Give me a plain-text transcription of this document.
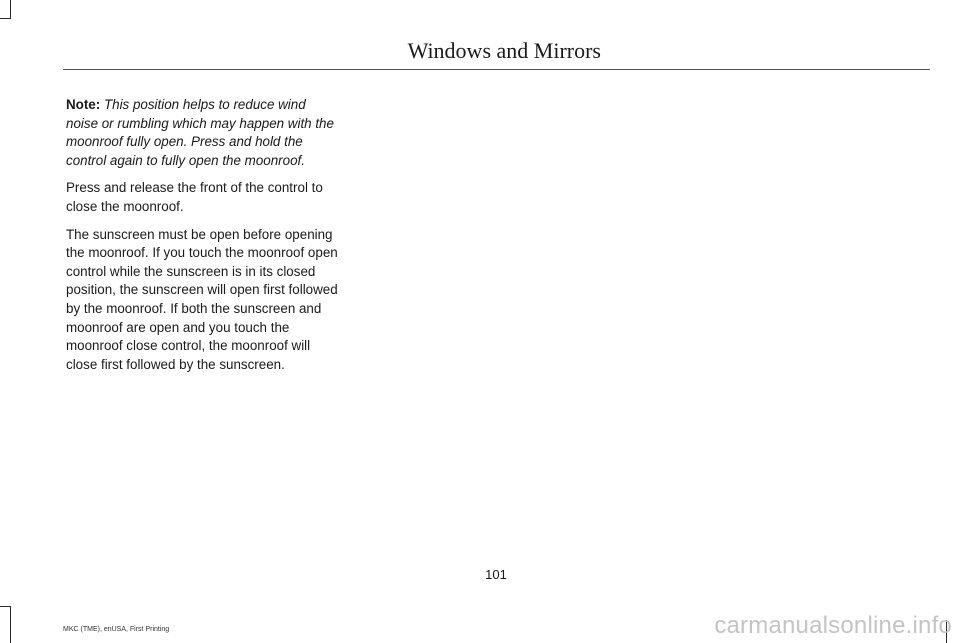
Windows and Mirrors

Note: This position helps to reduce wind noise or rumbling which may happen with the moonroof fully open. Press and hold the control again to fully open the moonroof.

Press and release the front of the control to close the moonroof.

The sunscreen must be open before opening the moonroof. If you touch the moonroof open control while the sunscreen is in its closed position, the sunscreen will open first followed by the moonroof. If both the sunscreen and moonroof are open and you touch the moonroof close control, the moonroof will close first followed by the sunscreen.

101
MKC (TME), enUSA, First Printing	carmanualsonline.info
